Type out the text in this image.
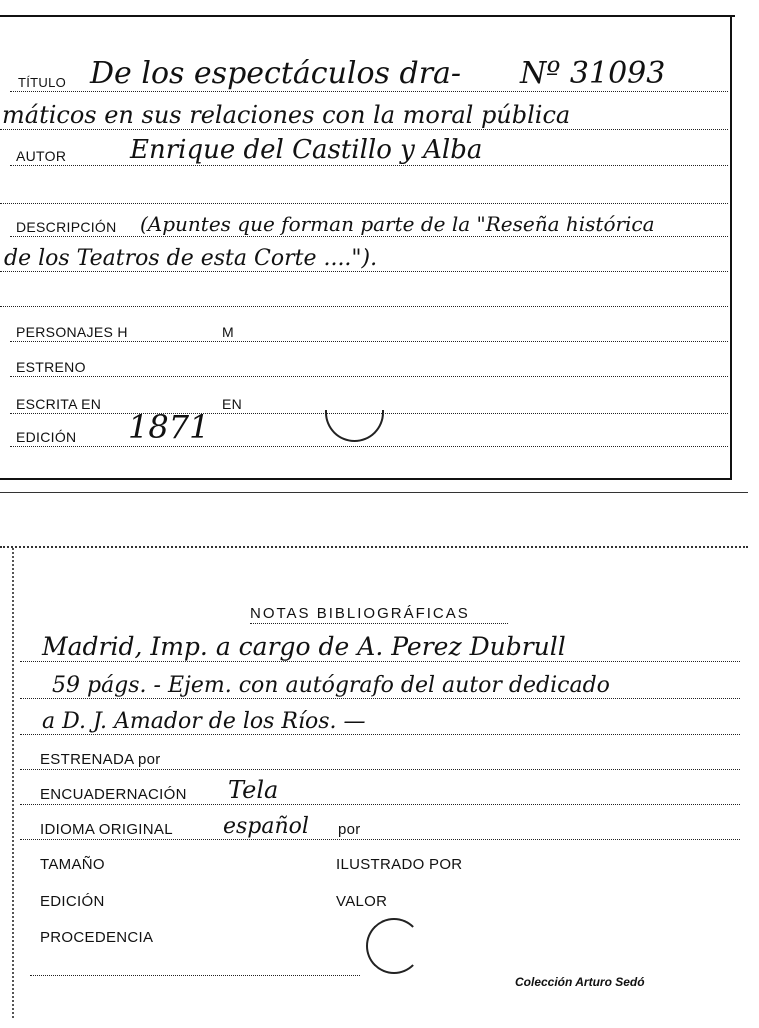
TÍTULO De los espectáculos dra- Nº 31093
máticos en sus relaciones con la moral pública
AUTOR Enrique del Castillo y Alba
DESCRIPCIÓN (Apuntes que forman parte de la "Reseña histórica
de los Teatros de esta Corte ....").
PERSONAJES H	M
ESTRENO
ESCRITA EN	EN
EDICIÓN 1871
NOTAS BIBLIOGRÁFICAS
Madrid, Imp. a cargo de A. Perez Dubrull
59 págs. - Ejem. con autógrafo del autor dedicado
a D. J. Amador de los Ríos. —
ESTRENADA por
ENCUADERNACIÓN Tela
IDIOMA ORIGINAL español por
TAMAÑO	ILUSTRADO POR
EDICIÓN	VALOR
PROCEDENCIA
Colección Arturo Sedó
